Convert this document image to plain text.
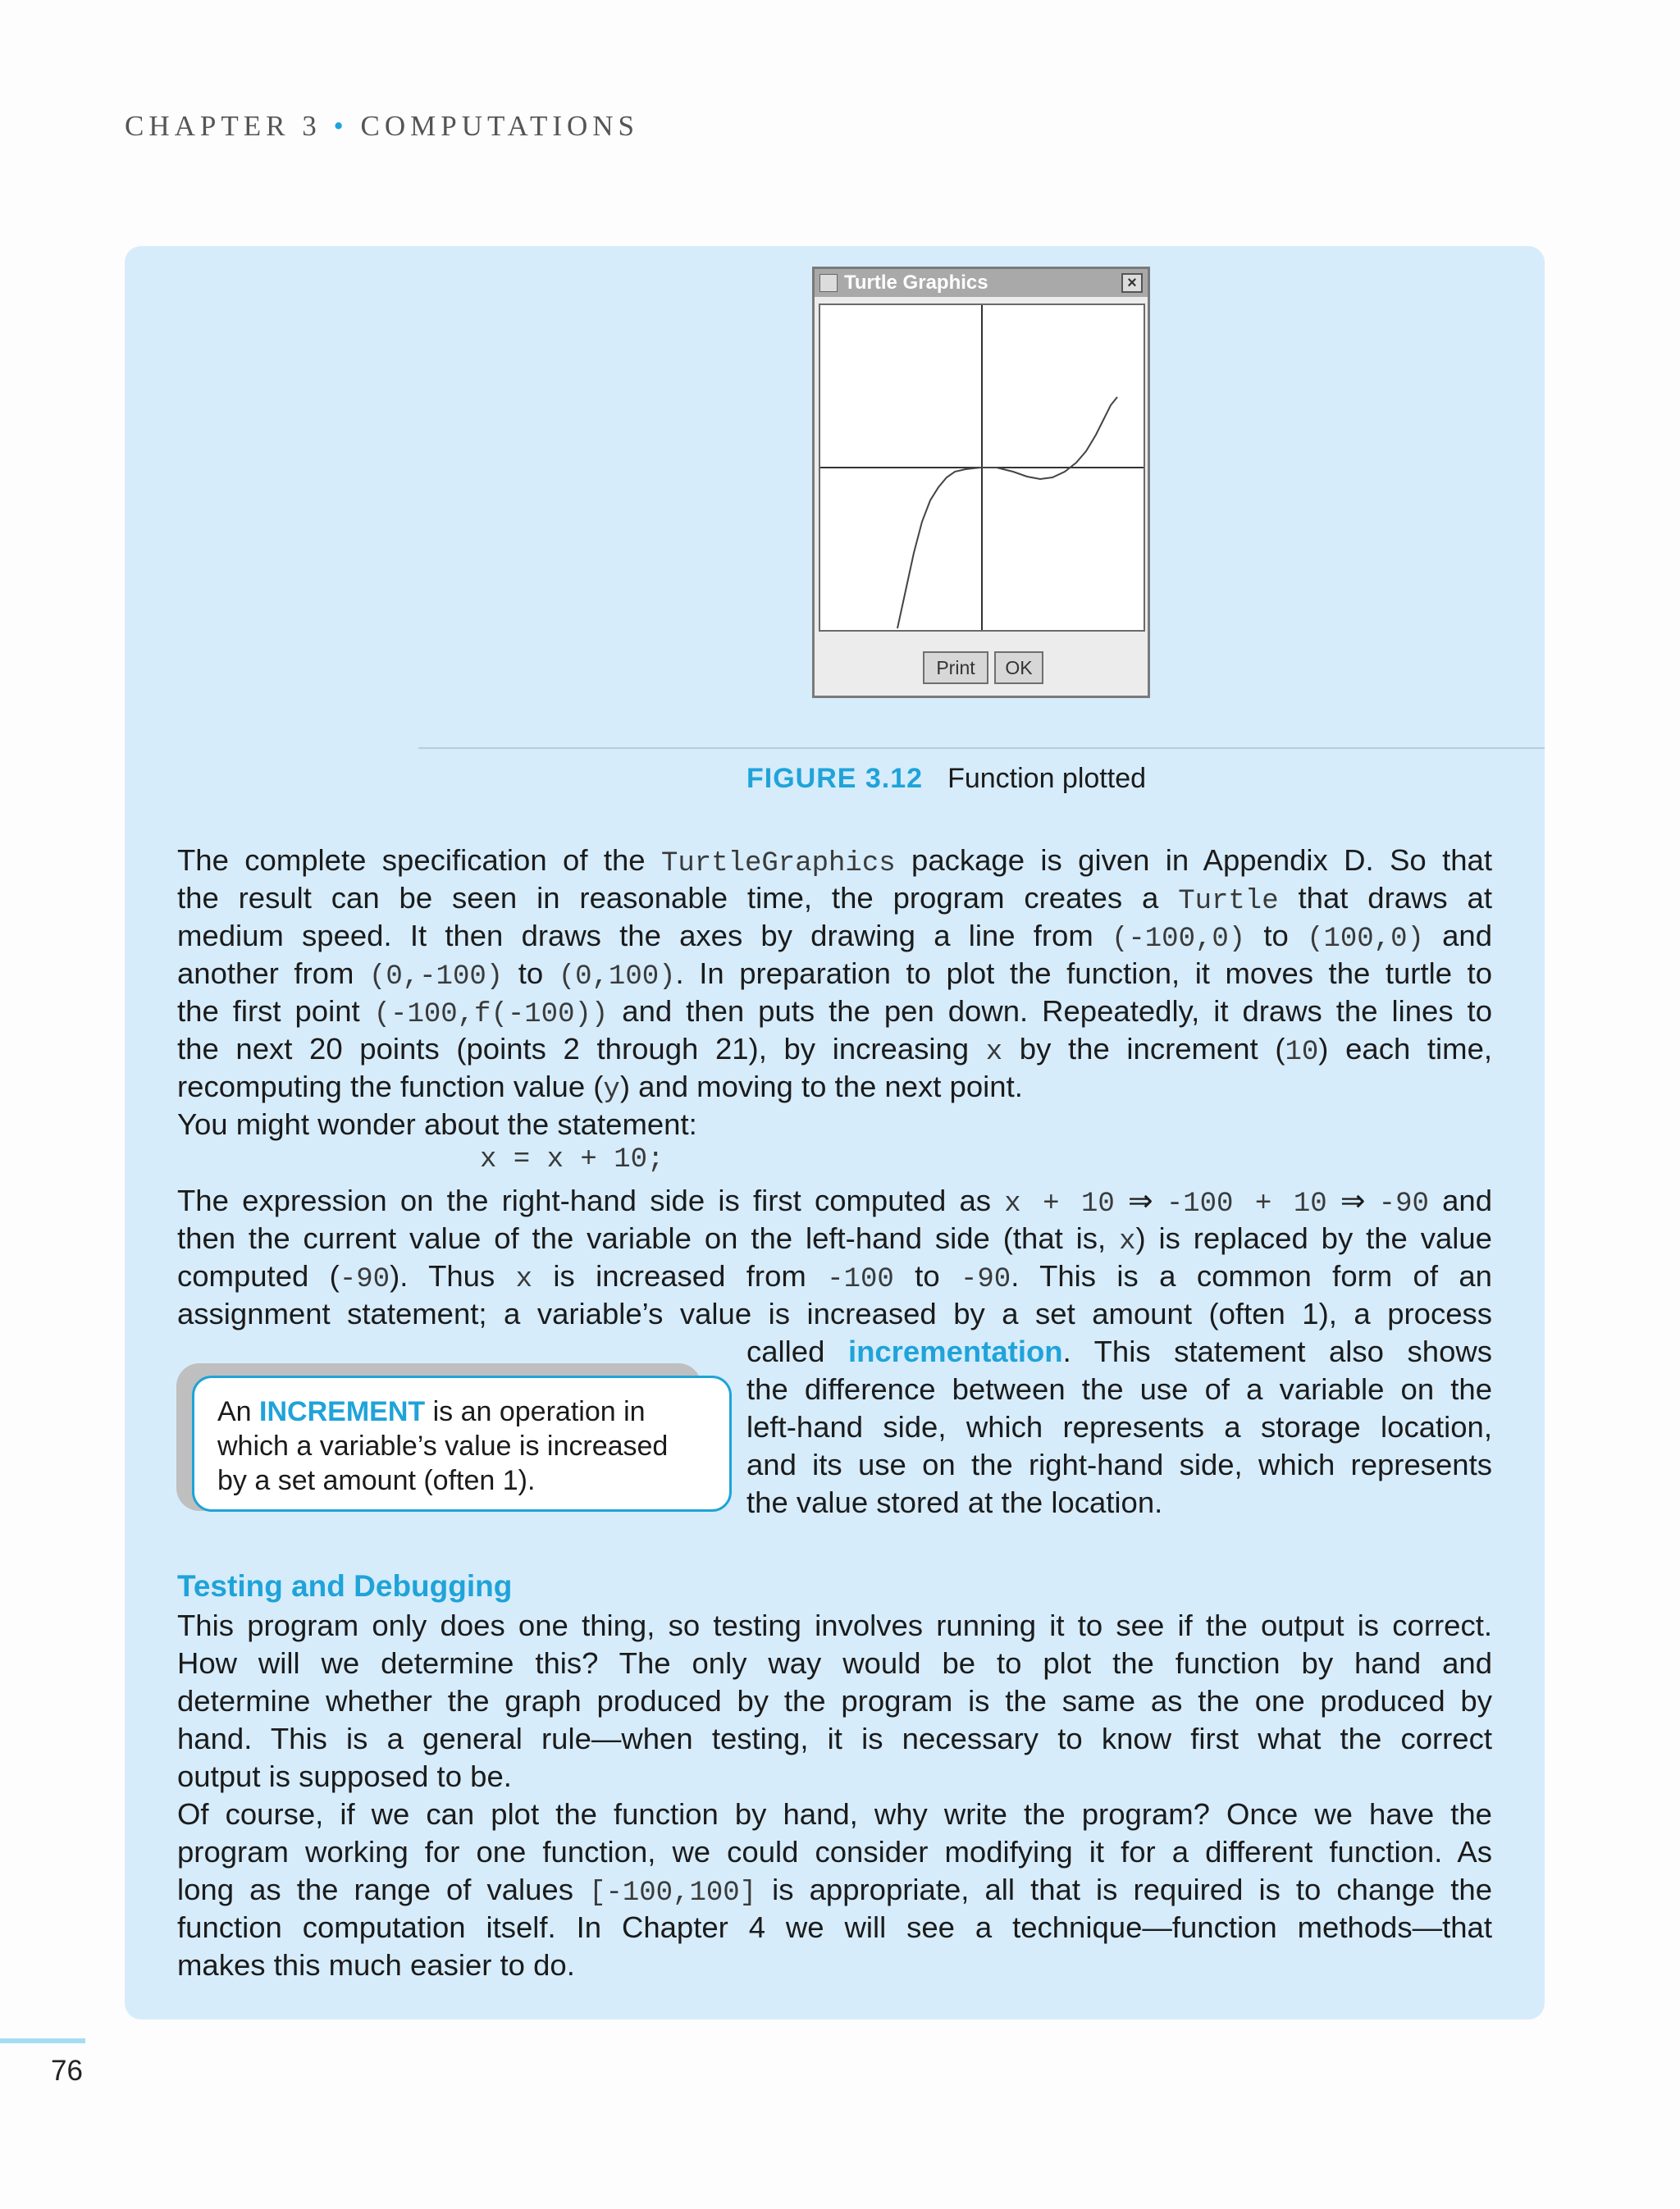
CHAPTER 3 • COMPUTATIONS
Turtle Graphics	×
Print	OK
FIGURE 3.12 Function plotted
The complete specification of the TurtleGraphics package is given in Appendix D. So that
the result can be seen in reasonable time, the program creates a Turtle that draws at
medium speed. It then draws the axes by drawing a line from (-100,0) to (100,0) and
another from (0,-100) to (0,100). In preparation to plot the function, it moves the turtle to
the first point (-100,f(-100)) and then puts the pen down. Repeatedly, it draws the lines to
the next 20 points (points 2 through 21), by increasing x by the increment (10) each time,
recomputing the function value (y) and moving to the next point.
You might wonder about the statement:
x = x + 10;
The expression on the right-hand side is first computed as x + 10 ⇒ -100 + 10 ⇒ -90 and
then the current value of the variable on the left-hand side (that is, x) is replaced by the value
computed (-90). Thus x is increased from -100 to -90. This is a common form of an
assignment statement; a variable’s value is increased by a set amount (often 1), a process
called incrementation. This statement also shows
the difference between the use of a variable on the
left-hand side, which represents a storage location,
and its use on the right-hand side, which represents
the value stored at the location.
An INCREMENT is an operation in
which a variable’s value is increased
by a set amount (often 1).
Testing and Debugging
This program only does one thing, so testing involves running it to see if the output is correct.
How will we determine this? The only way would be to plot the function by hand and
determine whether the graph produced by the program is the same as the one produced by
hand. This is a general rule—when testing, it is necessary to know first what the correct
output is supposed to be.
Of course, if we can plot the function by hand, why write the program? Once we have the
program working for one function, we could consider modifying it for a different function. As
long as the range of values [-100,100] is appropriate, all that is required is to change the
function computation itself. In Chapter 4 we will see a technique—function methods—that
makes this much easier to do.
76
